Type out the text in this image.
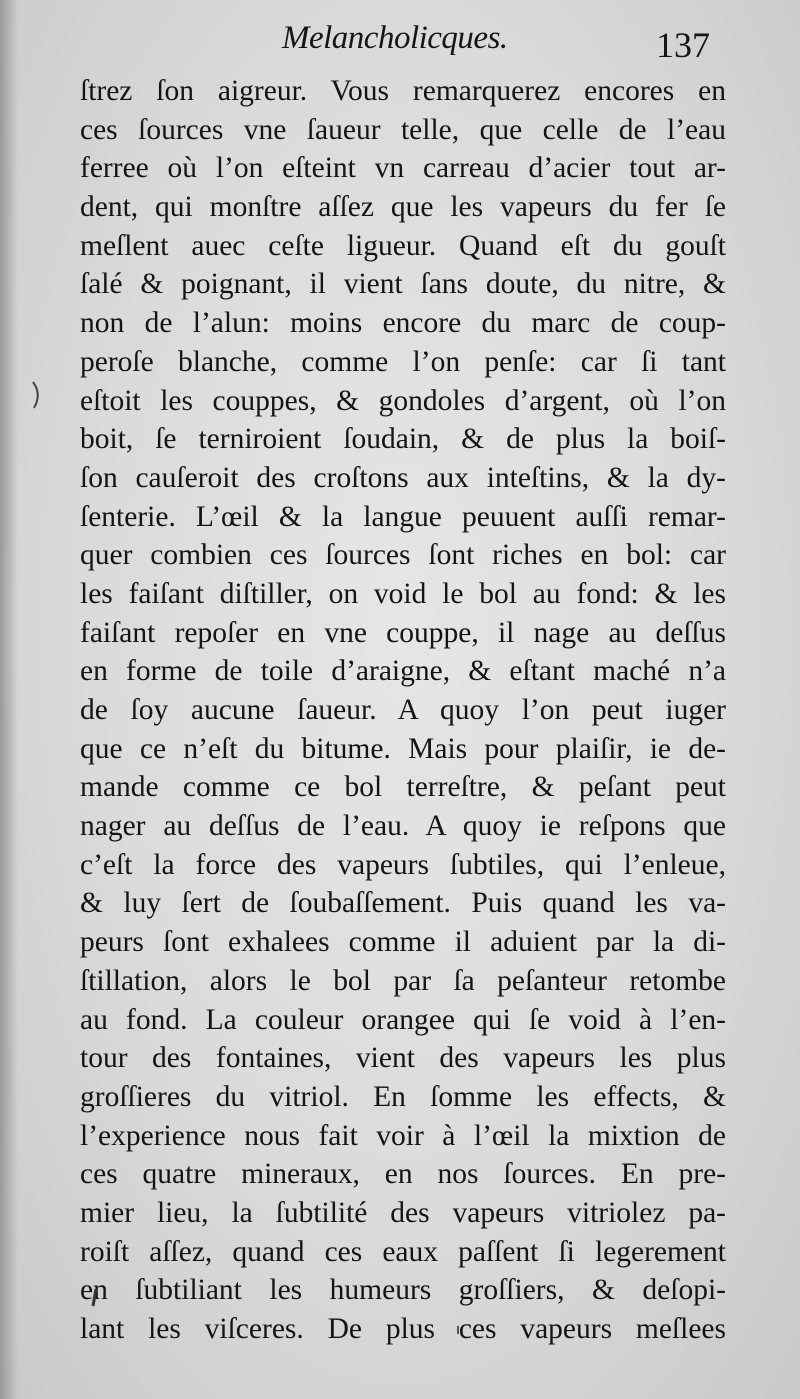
Melancholicques.	137
ſtrez ſon aigreur. Vous remarquerez encores en
ces ſources vne ſaueur telle, que celle de l’eau
ferree où l’on eſteint vn carreau d’acier tout ar-
dent, qui monſtre aſſez que les vapeurs du fer ſe
meſlent auec ceſte ligueur. Quand eſt du gouſt
ſalé & poignant, il vient ſans doute, du nitre, &
non de l’alun: moins encore du marc de coup-
peroſe blanche, comme l’on penſe: car ſi tant
eſtoit les couppes, & gondoles d’argent, où l’on
boit, ſe terniroient ſoudain, & de plus la boiſ-
ſon cauſeroit des croſtons aux inteſtins, & la dy-
ſenterie. L’œil & la langue peuuent auſſi remar-
quer combien ces ſources ſont riches en bol: car
les faiſant diſtiller, on void le bol au fond: & les
faiſant repoſer en vne couppe, il nage au deſſus
en forme de toile d’araigne, & eſtant maché n’a
de ſoy aucune ſaueur. A quoy l’on peut iuger
que ce n’eſt du bitume. Mais pour plaiſir, ie de-
mande comme ce bol terreſtre, & peſant peut
nager au deſſus de l’eau. A quoy ie reſpons que
c’eſt la force des vapeurs ſubtiles, qui l’enleue,
& luy ſert de ſoubaſſement. Puis quand les va-
peurs ſont exhalees comme il aduient par la di-
ſtillation, alors le bol par ſa peſanteur retombe
au fond. La couleur orangee qui ſe void à l’en-
tour des fontaines, vient des vapeurs les plus
groſſieres du vitriol. En ſomme les effects, &
l’experience nous fait voir à l’œil la mixtion de
ces quatre mineraux, en nos ſources. En pre-
mier lieu, la ſubtilité des vapeurs vitriolez pa-
roiſt aſſez, quand ces eaux paſſent ſi legerement
en ſubtiliant les humeurs groſſiers, & deſopi-
lant les viſceres. De plus ces vapeurs meſlees
